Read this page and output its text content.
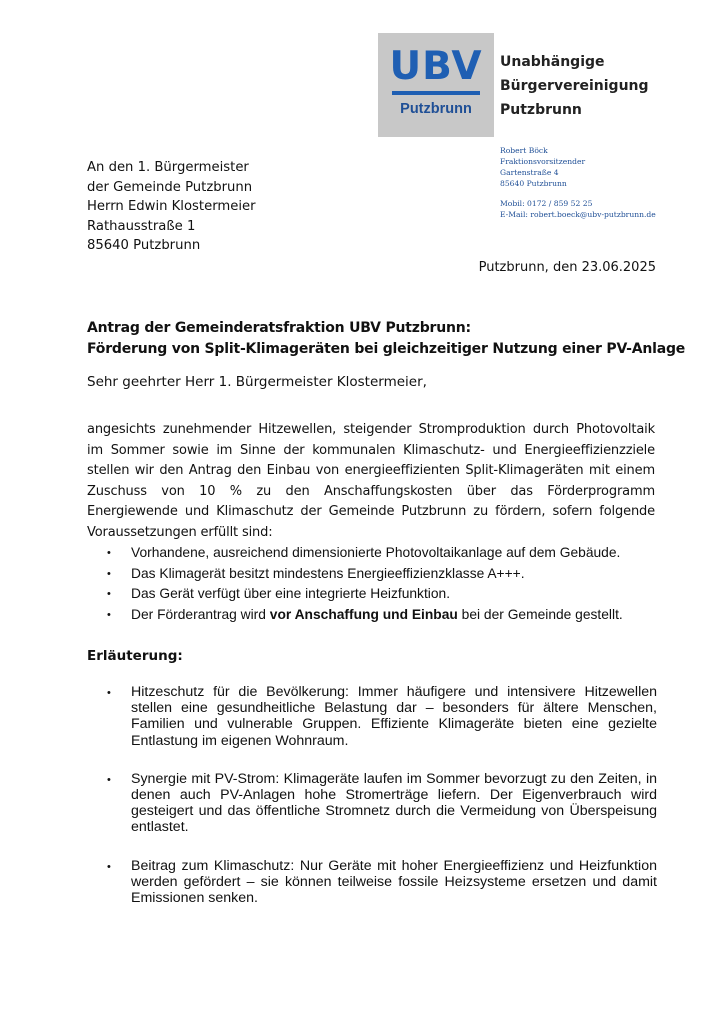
UBV
Putzbrunn
Unabhängige
Bürgervereinigung
Putzbrunn
Robert Böck
Fraktionsvorsitzender
Gartenstraße 4
85640 Putzbrunn
Mobil: 0172 / 859 52 25
E-Mail: robert.boeck@ubv-putzbrunn.de
An den 1. Bürgermeister
der Gemeinde Putzbrunn
Herrn Edwin Klostermeier
Rathausstraße 1
85640 Putzbrunn
Putzbrunn, den 23.06.2025
Antrag der Gemeinderatsfraktion UBV Putzbrunn:
Förderung von Split-Klimageräten bei gleichzeitiger Nutzung einer PV-Anlage
Sehr geehrter Herr 1. Bürgermeister Klostermeier,
angesichts zunehmender Hitzewellen, steigender Stromproduktion durch Photovoltaik im Sommer sowie im Sinne der kommunalen Klimaschutz- und Energieeffizienzziele stellen wir den Antrag den Einbau von energieeffizienten Split-Klimageräten mit einem Zuschuss von 10 % zu den Anschaffungskosten über das Förderprogramm Energiewende und Klimaschutz der Gemeinde Putzbrunn zu fördern, sofern folgende Voraussetzungen erfüllt sind:
• Vorhandene, ausreichend dimensionierte Photovoltaikanlage auf dem Gebäude.
• Das Klimagerät besitzt mindestens Energieeffizienzklasse A+++.
• Das Gerät verfügt über eine integrierte Heizfunktion.
• Der Förderantrag wird vor Anschaffung und Einbau bei der Gemeinde gestellt.
Erläuterung:
• Hitzeschutz für die Bevölkerung: Immer häufigere und intensivere Hitzewellen stellen eine gesundheitliche Belastung dar – besonders für ältere Menschen, Familien und vulnerable Gruppen. Effiziente Klimageräte bieten eine gezielte Entlastung im eigenen Wohnraum.
• Synergie mit PV-Strom: Klimageräte laufen im Sommer bevorzugt zu den Zeiten, in denen auch PV-Anlagen hohe Stromerträge liefern. Der Eigenverbrauch wird gesteigert und das öffentliche Stromnetz durch die Vermeidung von Überspeisung entlastet.
• Beitrag zum Klimaschutz: Nur Geräte mit hoher Energieeffizienz und Heizfunktion werden gefördert – sie können teilweise fossile Heizsysteme ersetzen und damit Emissionen senken.
